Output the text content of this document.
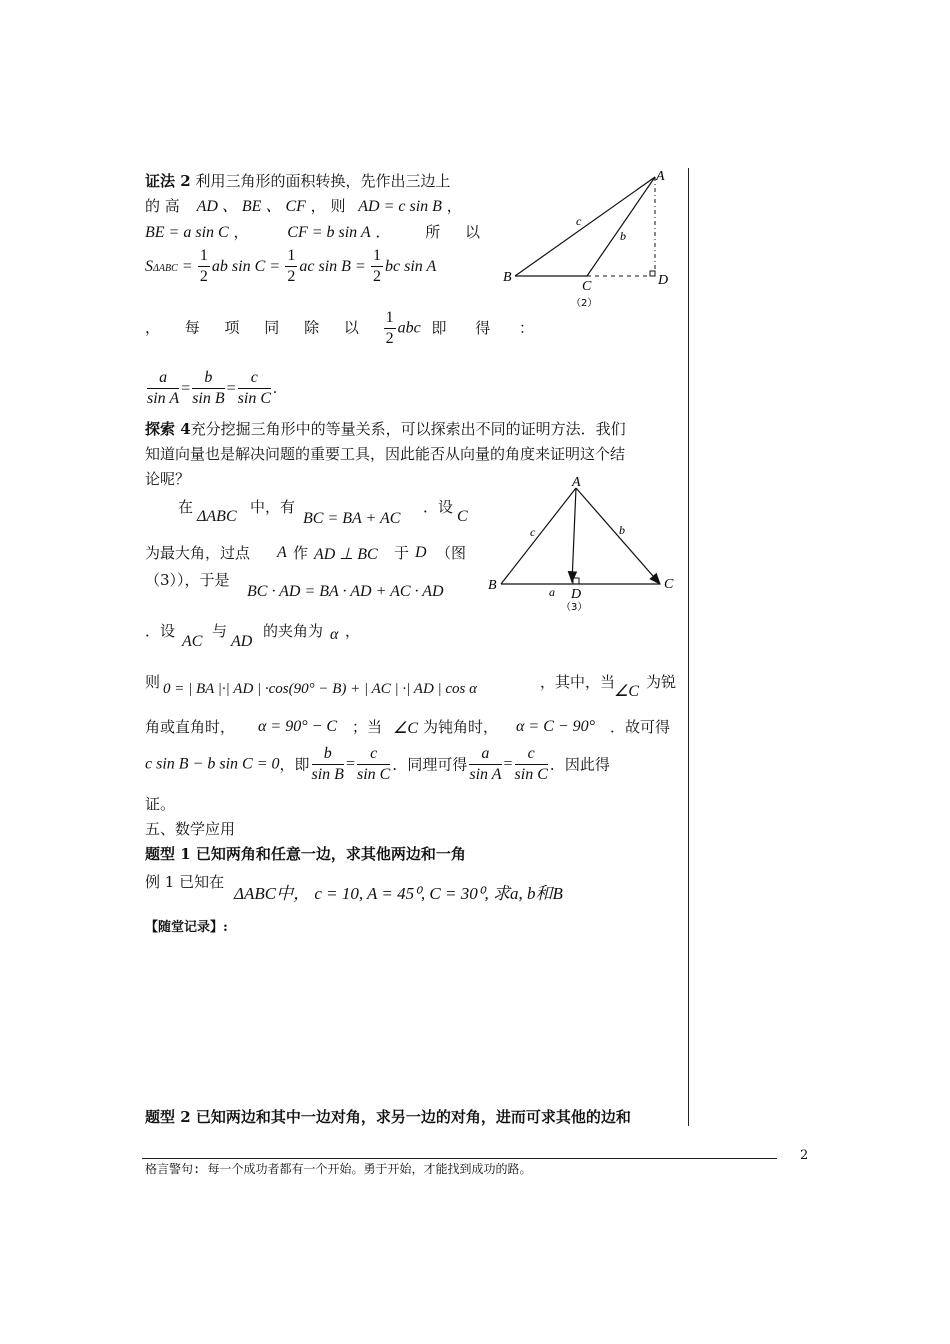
证法 2 利用三角形的面积转换，先作出三边上
的 高 AD 、 BE 、 CF ， 则 AD = c sin B ，
BE = a sin C ， CF = b sin A ． 所 以
$S\Delta ABC = \frac{1}{2}$ ab $\sin C = \frac{1}{2}$ ac $\sin B = \frac{1}{2}$ bc sin A
， 每 项 同 除 以 $\frac{1}{2}$ abc 即 得 ：
$\frac{a}{\text{sin A}} = \frac{b}{\text{sin B}} = \frac{c}{\text{sin C}}$ .
A
B
C	D
c
b
（2）
探索 4充分挖掘三角形中的等量关系，可以探索出不同的证明方法．我们
知道向量也是解决问题的重要工具，因此能否从向量的角度来证明这个结
论呢？
在
ΔABC
中，有
BC = BA + AC
．设
C
为最大角，过点 A 作 AD ⊥ BC 于 D （图
（3）），于是
BC · AD = BA · AD + AC · AD
．设
AC
与
AD
的夹角为 α ，
则 0 = | BA |·| AD | ·cos(90° − B) + | AC | ·| AD | cos α	，其中，当
∠C
为锐
角或直角时， α = 90° − C ；当 ∠C 为钝角时， α = C − 90° ．故可得
c sin B − b sin C = 0，即 $\frac{b}{\text{sin B}} = \frac{c}{\text{sin C}}$ ．同理可得 $\frac{a}{\text{sin A}} = \frac{c}{\text{sin C}}$ ．因此得
证。
A
B	C
D
c	b
a
（3）
五、数学应用
题型 1 已知两角和任意一边，求其他两边和一角
例 1 已知在
ΔABC中， c = 10, A = 45⁰, C = 30⁰, 求a, b和B
【随堂记录】:
题型 2 已知两边和其中一边对角，求另一边的对角，进而可求其他的边和
2
格言警句: 每一个成功者都有一个开始。勇于开始，才能找到成功的路。
